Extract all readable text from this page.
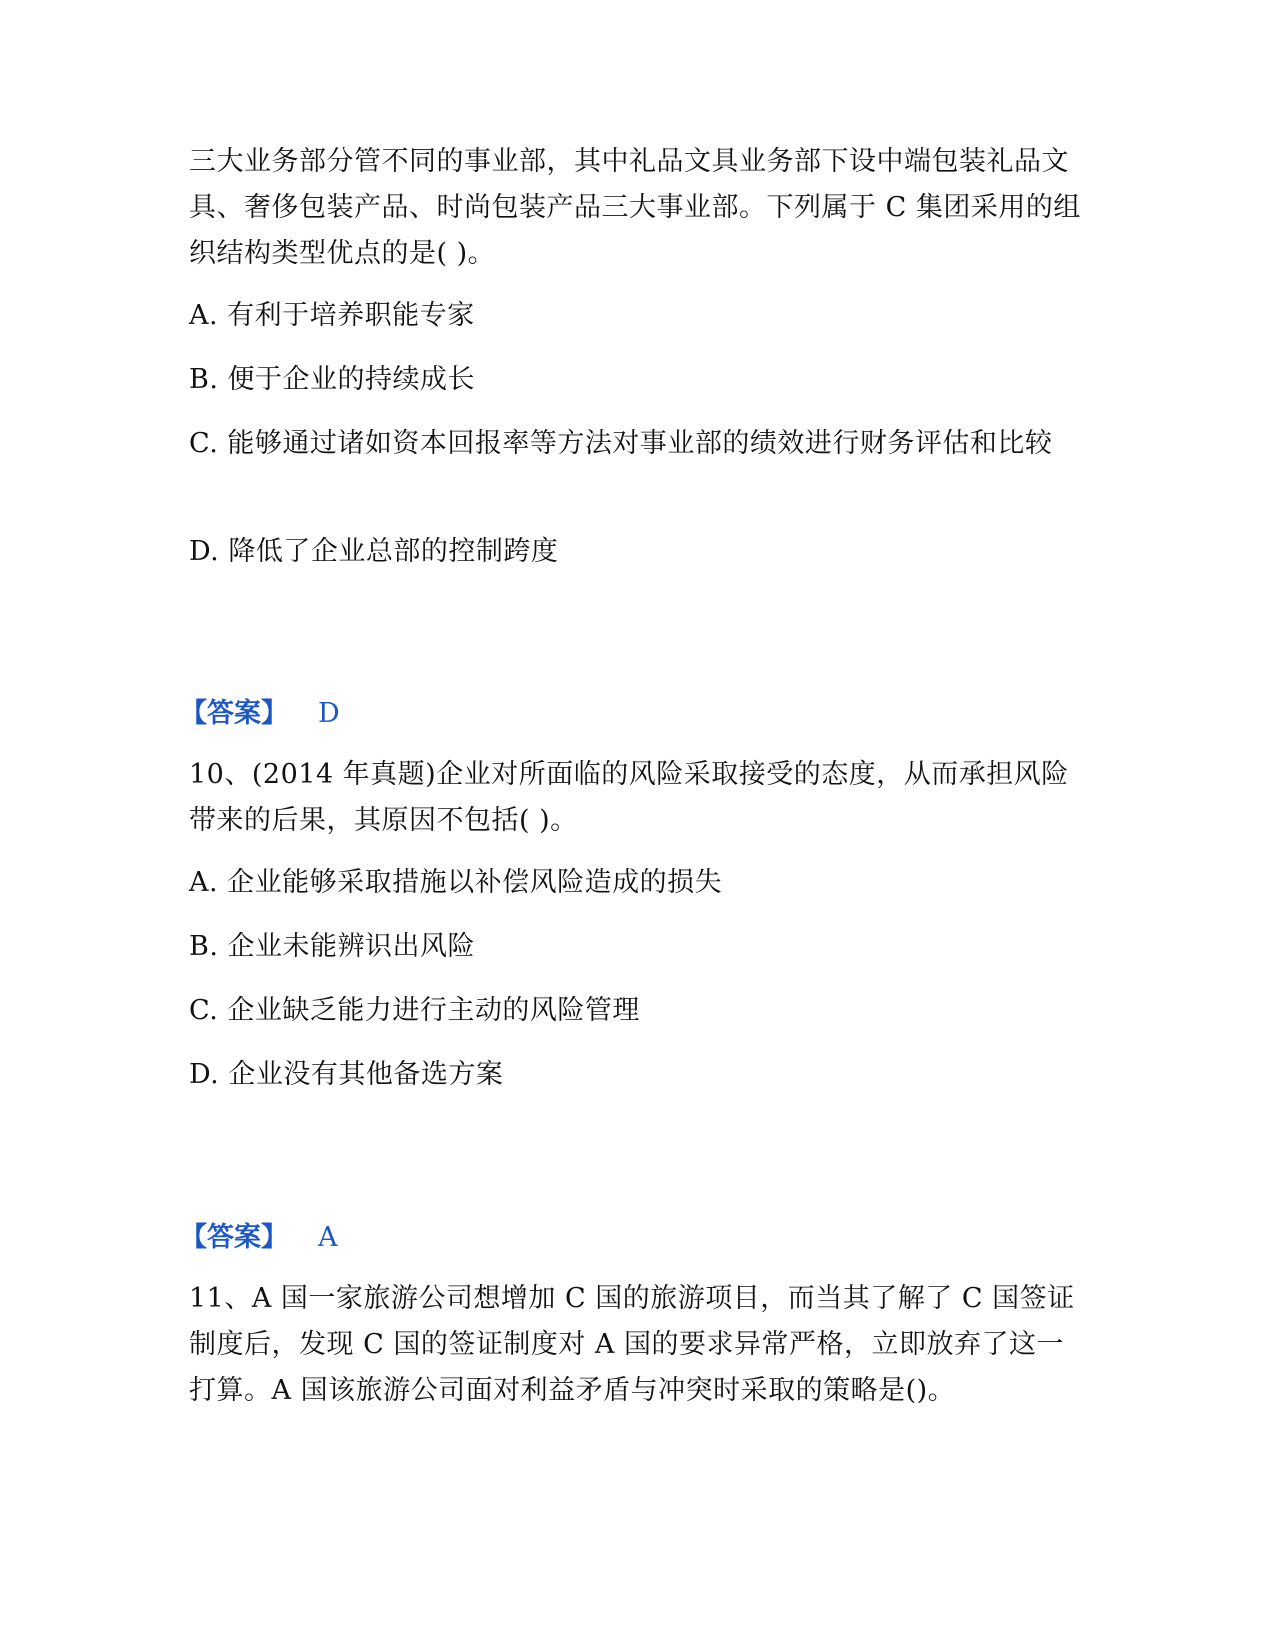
三大业务部分管不同的事业部，其中礼品文具业务部下设中端包装礼品文具、奢侈包装产品、时尚包装产品三大事业部。下列属于 C 集团采用的组织结构类型优点的是( )。
A. 有利于培养职能专家
B. 便于企业的持续成长
C. 能够通过诸如资本回报率等方法对事业部的绩效进行财务评估和比较
D. 降低了企业总部的控制跨度
【答案】 D
10、(2014 年真题)企业对所面临的风险采取接受的态度，从而承担风险带来的后果，其原因不包括( )。
A. 企业能够采取措施以补偿风险造成的损失
B. 企业未能辨识出风险
C. 企业缺乏能力进行主动的风险管理
D. 企业没有其他备选方案
【答案】 A
11、A 国一家旅游公司想增加 C 国的旅游项目，而当其了解了 C 国签证制度后，发现 C 国的签证制度对 A 国的要求异常严格，立即放弃了这一打算。A 国该旅游公司面对利益矛盾与冲突时采取的策略是()。
